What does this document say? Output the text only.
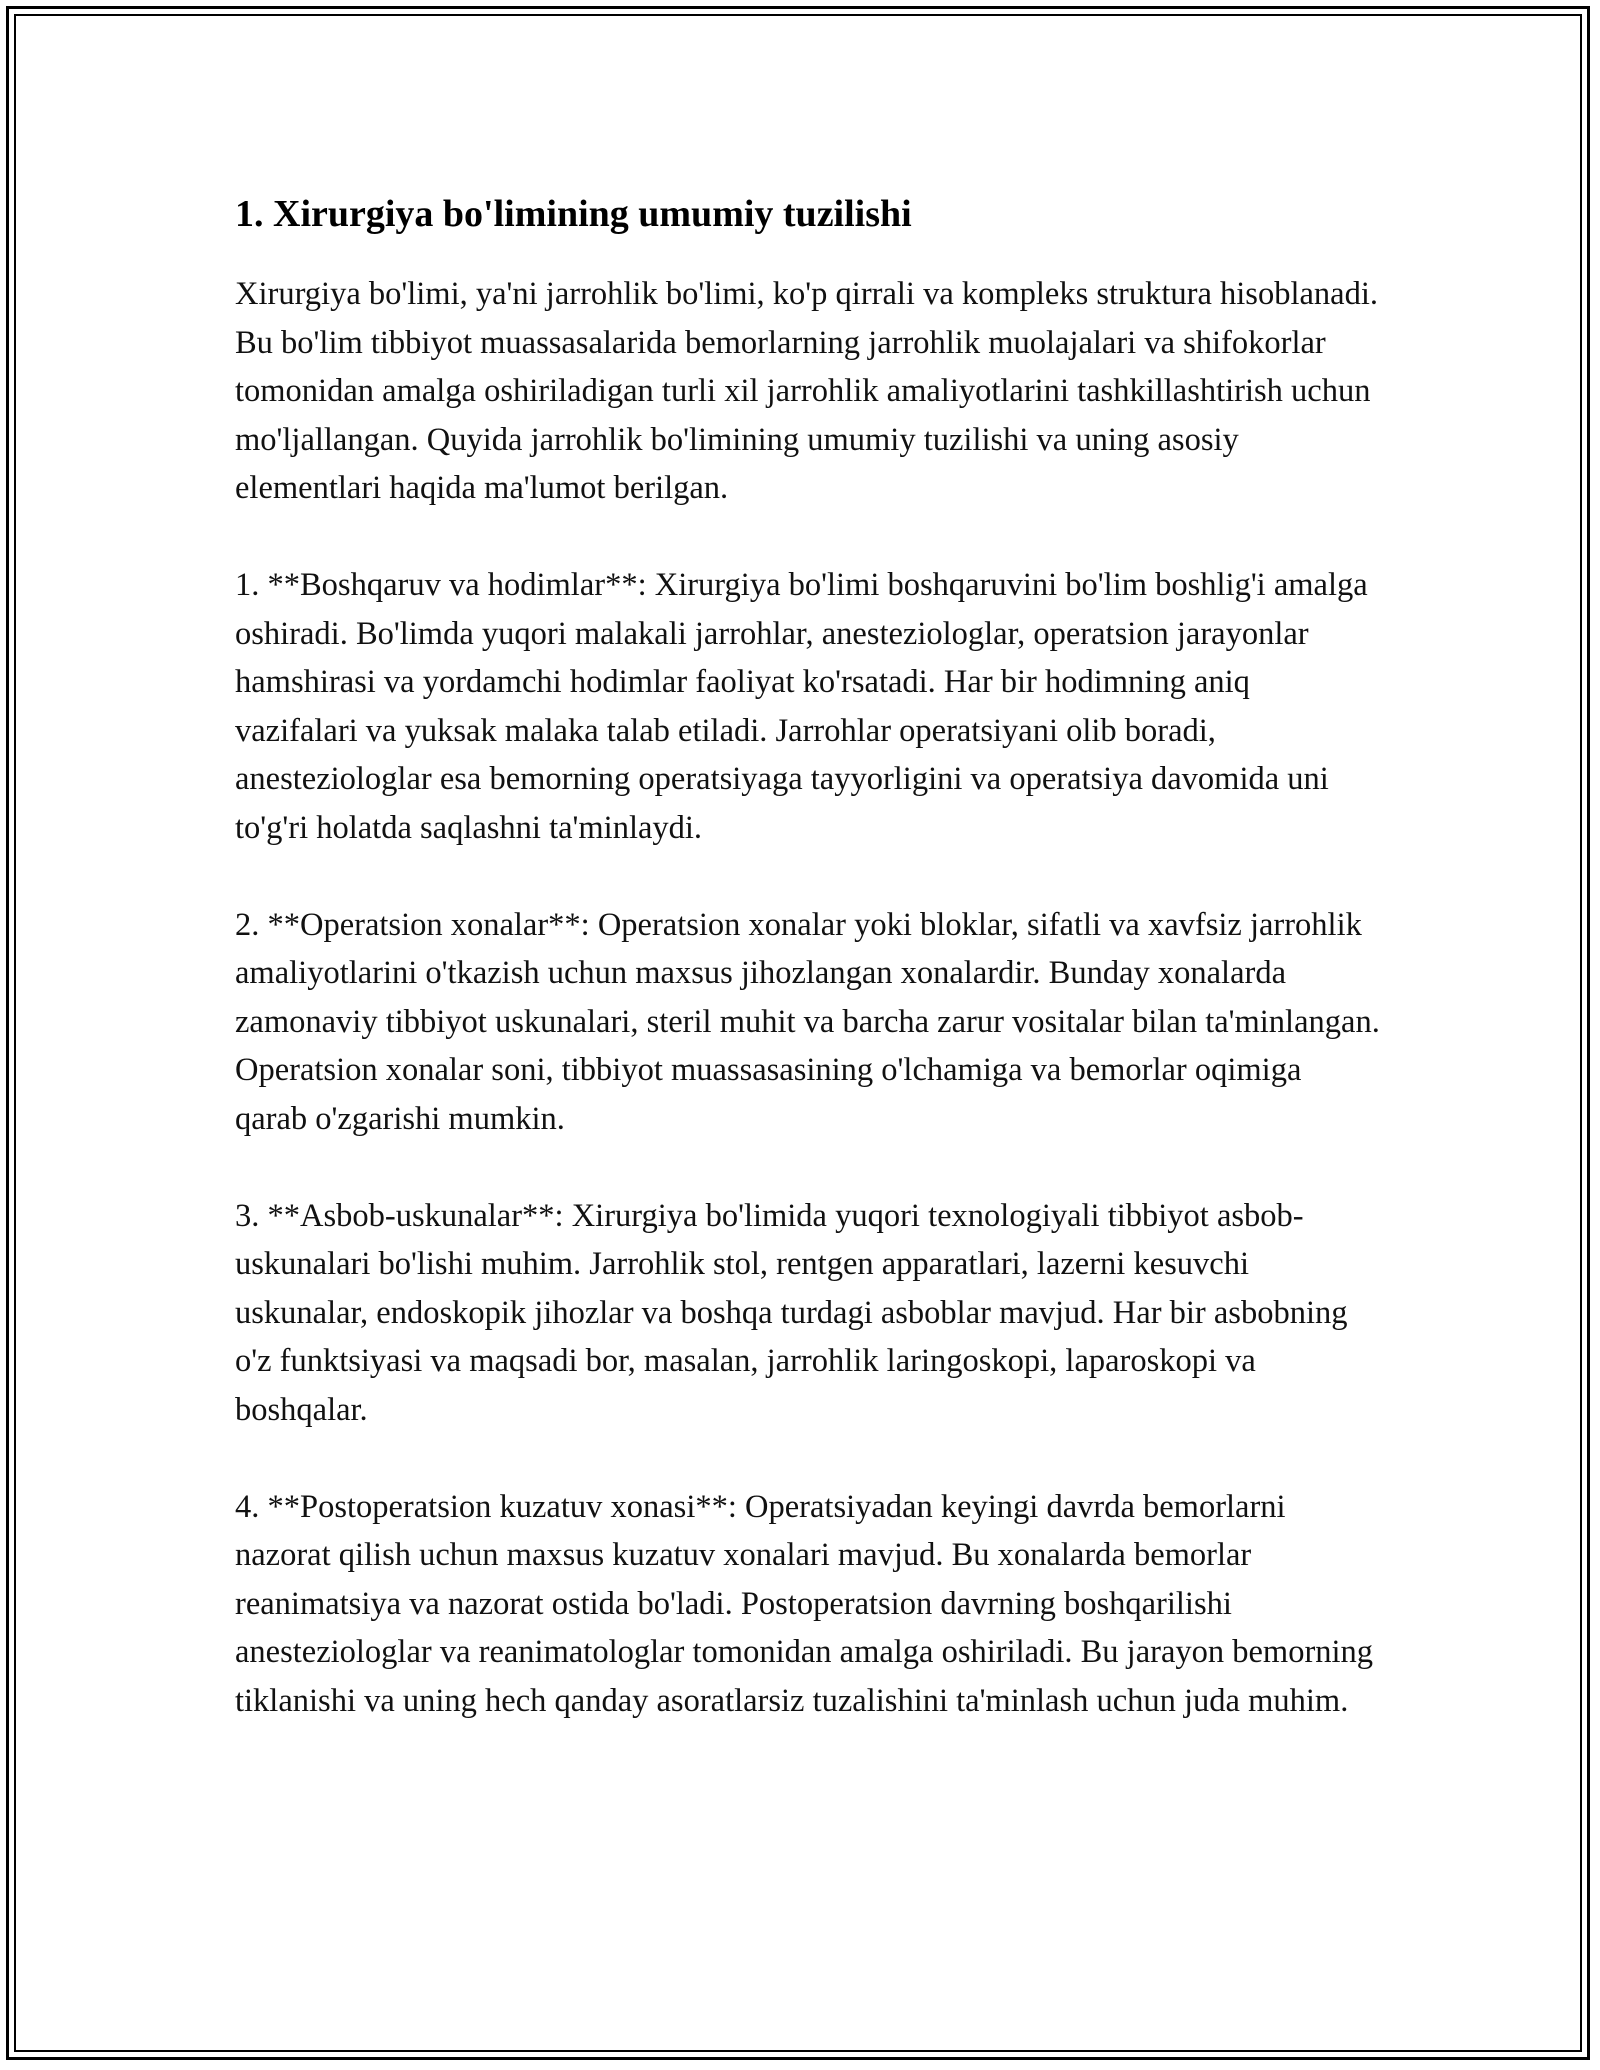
1. Xirurgiya bo'limining umumiy tuzilishi

Xirurgiya bo'limi, ya'ni jarrohlik bo'limi, ko'p qirrali va kompleks struktura hisoblanadi. Bu bo'lim tibbiyot muassasalarida bemorlarning jarrohlik muolajalari va shifokorlar tomonidan amalga oshiriladigan turli xil jarrohlik amaliyotlarini tashkillashtirish uchun mo'ljallangan. Quyida jarrohlik bo'limining umumiy tuzilishi va uning asosiy elementlari haqida ma'lumot berilgan.

1. **Boshqaruv va hodimlar**: Xirurgiya bo'limi boshqaruvini bo'lim boshlig'i amalga oshiradi. Bo'limda yuqori malakali jarrohlar, anesteziologlar, operatsion jarayonlar hamshirasi va yordamchi hodimlar faoliyat ko'rsatadi. Har bir hodimning aniq vazifalari va yuksak malaka talab etiladi. Jarrohlar operatsiyani olib boradi, anesteziologlar esa bemorning operatsiyaga tayyorligini va operatsiya davomida uni to'g'ri holatda saqlashni ta'minlaydi.

2. **Operatsion xonalar**: Operatsion xonalar yoki bloklar, sifatli va xavfsiz jarrohlik amaliyotlarini o'tkazish uchun maxsus jihozlangan xonalardir. Bunday xonalarda zamonaviy tibbiyot uskunalari, steril muhit va barcha zarur vositalar bilan ta'minlangan. Operatsion xonalar soni, tibbiyot muassasasining o'lchamiga va bemorlar oqimiga qarab o'zgarishi mumkin.

3. **Asbob-uskunalar**: Xirurgiya bo'limida yuqori texnologiyali tibbiyot asbob-uskunalari bo'lishi muhim. Jarrohlik stol, rentgen apparatlari, lazerni kesuvchi uskunalar, endoskopik jihozlar va boshqa turdagi asboblar mavjud. Har bir asbobning o'z funktsiyasi va maqsadi bor, masalan, jarrohlik laringoskopi, laparoskopi va boshqalar.

4. **Postoperatsion kuzatuv xonasi**: Operatsiyadan keyingi davrda bemorlarni nazorat qilish uchun maxsus kuzatuv xonalari mavjud. Bu xonalarda bemorlar reanimatsiya va nazorat ostida bo'ladi. Postoperatsion davrning boshqarilishi anesteziologlar va reanimatologlar tomonidan amalga oshiriladi. Bu jarayon bemorning tiklanishi va uning hech qanday asoratlarsiz tuzalishini ta'minlash uchun juda muhim.
